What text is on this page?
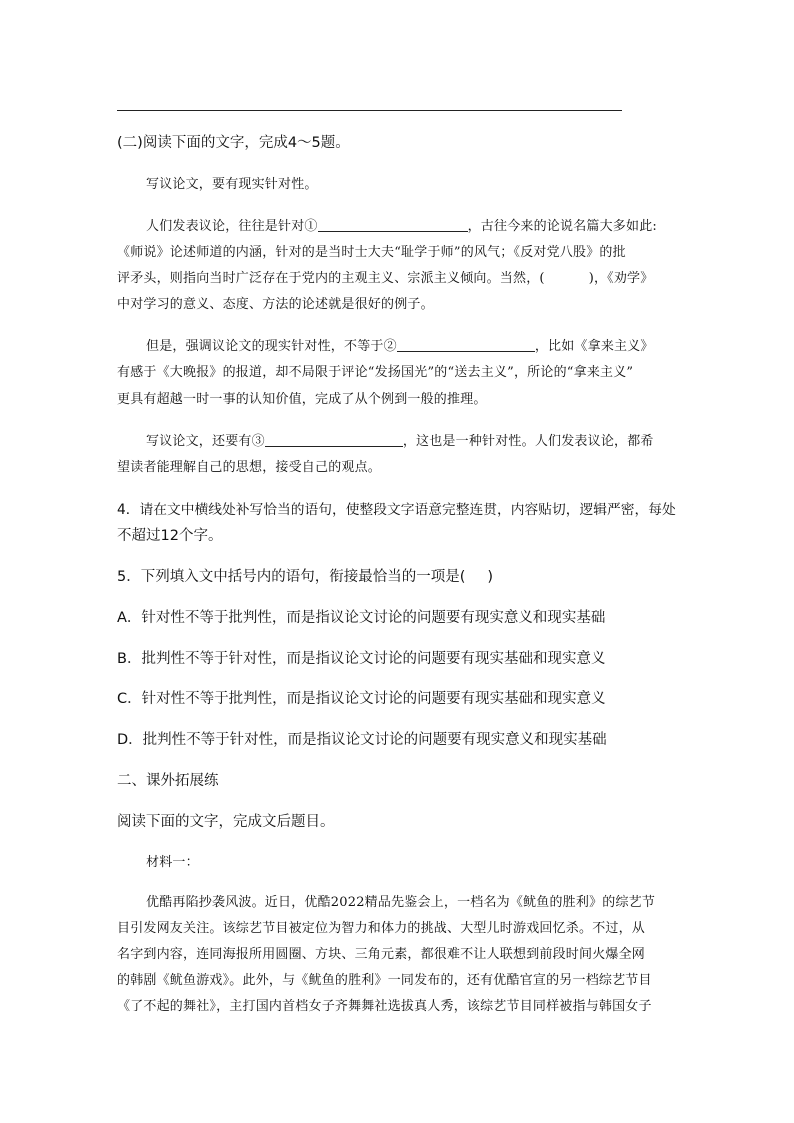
(二)阅读下面的文字，完成4～5题。
写议论文，要有现实针对性。
人们发表议论，往往是针对①	，古往今来的论说名篇大多如此:
《师说》论述师道的内涵，针对的是当时士大夫“耻学于师”的风气；《反对党八股》的批
评矛头，则指向当时广泛存在于党内的主观主义、宗派主义倾向。当然，(	)，《劝学》
中对学习的意义、态度、方法的论述就是很好的例子。
但是，强调议论文的现实针对性，不等于②	，比如《拿来主义》
有感于《大晚报》的报道，却不局限于评论“发扬国光”的“送去主义”，所论的“拿来主义”
更具有超越一时一事的认知价值，完成了从个例到一般的推理。
写议论文，还要有③	，这也是一种针对性。人们发表议论，都希
望读者能理解自己的思想，接受自己的观点。
4．请在文中横线处补写恰当的语句，使整段文字语意完整连贯，内容贴切，逻辑严密，每处
不超过12个字。
5．下列填入文中括号内的语句，衔接最恰当的一项是( )
A．针对性不等于批判性，而是指议论文讨论的问题要有现实意义和现实基础
B．批判性不等于针对性，而是指议论文讨论的问题要有现实基础和现实意义
C．针对性不等于批判性，而是指议论文讨论的问题要有现实基础和现实意义
D．批判性不等于针对性，而是指议论文讨论的问题要有现实意义和现实基础
二、课外拓展练
阅读下面的文字，完成文后题目。
材料一：
优酷再陷抄袭风波。近日，优酷2022精品先鉴会上，一档名为《鱿鱼的胜利》的综艺节
目引发网友关注。该综艺节目被定位为智力和体力的挑战、大型儿时游戏回忆杀。不过，从
名字到内容，连同海报所用圆圈、方块、三角元素，都很难不让人联想到前段时间火爆全网
的韩剧《鱿鱼游戏》。此外，与《鱿鱼的胜利》一同发布的，还有优酷官宣的另一档综艺节目
《了不起的舞社》，主打国内首档女子齐舞舞社选拔真人秀，该综艺节目同样被指与韩国女子
